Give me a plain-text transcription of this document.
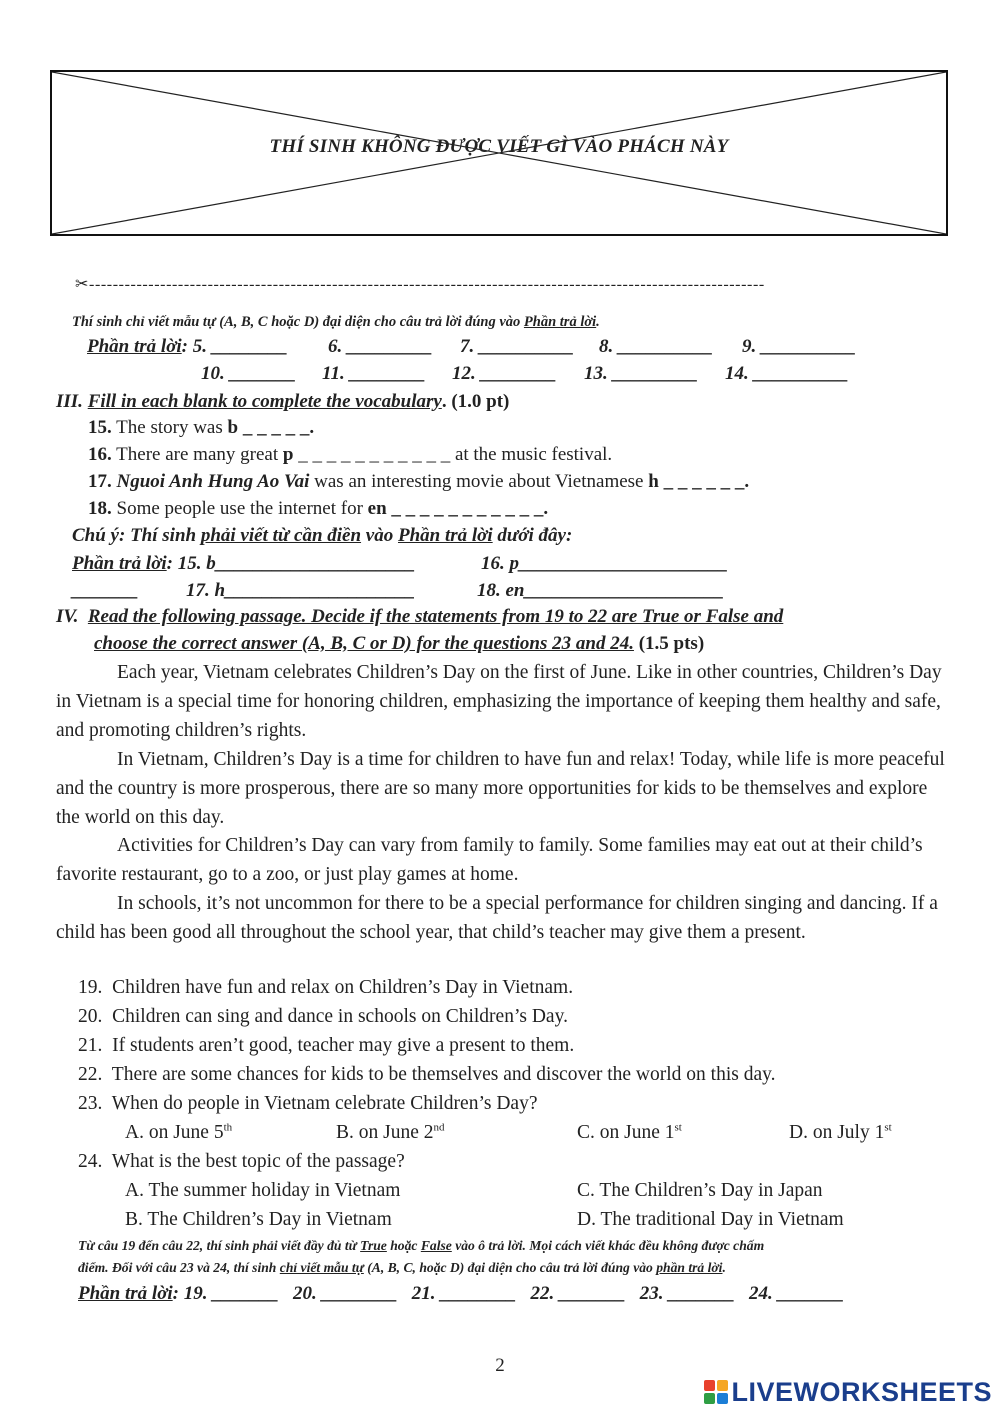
THÍ SINH KHÔNG ĐƯỢC VIẾT GÌ VÀO PHÁCH NÀY
✂------------------------------------------------------------------------------------------------------------------
Thí sinh chỉ viết mẫu tự (A, B, C hoặc D) đại diện cho câu trả lời đúng vào Phần trả lời.
Phần trả lời: 5. ________ 6. _________ 7. __________ 8. __________ 9. __________
10. _______ 11. ________ 12. ________ 13. _________ 14. __________
III. Fill in each blank to complete the vocabulary. (1.0 pt)
15. The story was b _ _ _ _ _.
16. There are many great p _ _ _ _ _ _ _ _ _ _ _ at the music festival.
17. Nguoi Anh Hung Ao Vai was an interesting movie about Vietnamese h _ _ _ _ _ _.
18. Some people use the internet for en _ _ _ _ _ _ _ _ _ _ _.
Chú ý: Thí sinh phải viết từ cần điền vào Phần trả lời dưới đây:
Phần trả lời: 15. b_____________________	16. p______________________
_______	17. h____________________	18. en_____________________
IV. Read the following passage. Decide if the statements from 19 to 22 are True or False and
choose the correct answer (A, B, C or D) for the questions 23 and 24. (1.5 pts)
Each year, Vietnam celebrates Children’s Day on the first of June. Like in other countries, Children’s Day in Vietnam is a special time for honoring children, emphasizing the importance of keeping them healthy and safe, and promoting children’s rights.
In Vietnam, Children’s Day is a time for children to have fun and relax! Today, while life is more peaceful and the country is more prosperous, there are so many more opportunities for kids to be themselves and explore the world on this day.
Activities for Children’s Day can vary from family to family. Some families may eat out at their child’s favorite restaurant, go to a zoo, or just play games at home.
In schools, it’s not uncommon for there to be a special performance for children singing and dancing. If a child has been good all throughout the school year, that child’s teacher may give them a present.
19. Children have fun and relax on Children’s Day in Vietnam.
20. Children can sing and dance in schools on Children’s Day.
21. If students aren’t good, teacher may give a present to them.
22. There are some chances for kids to be themselves and discover the world on this day.
23. When do people in Vietnam celebrate Children’s Day?
A. on June 5th	B. on June 2nd	C. on June 1st	D. on July 1st
24. What is the best topic of the passage?
A. The summer holiday in Vietnam	C. The Children’s Day in Japan
B. The Children’s Day in Vietnam	D. The traditional Day in Vietnam
Từ câu 19 đến câu 22, thí sinh phải viết đầy đủ từ True hoặc False vào ô trả lời. Mọi cách viết khác đều không được chấm
điểm. Đối với câu 23 và 24, thí sinh chỉ viết mẫu tự (A, B, C, hoặc D) đại diện cho câu trả lời đúng vào phần trả lời.
Phần trả lời: 19. _______   20. ________   21. ________   22. _______   23. _______   24. _______
2
LIVEWORKSHEETS
